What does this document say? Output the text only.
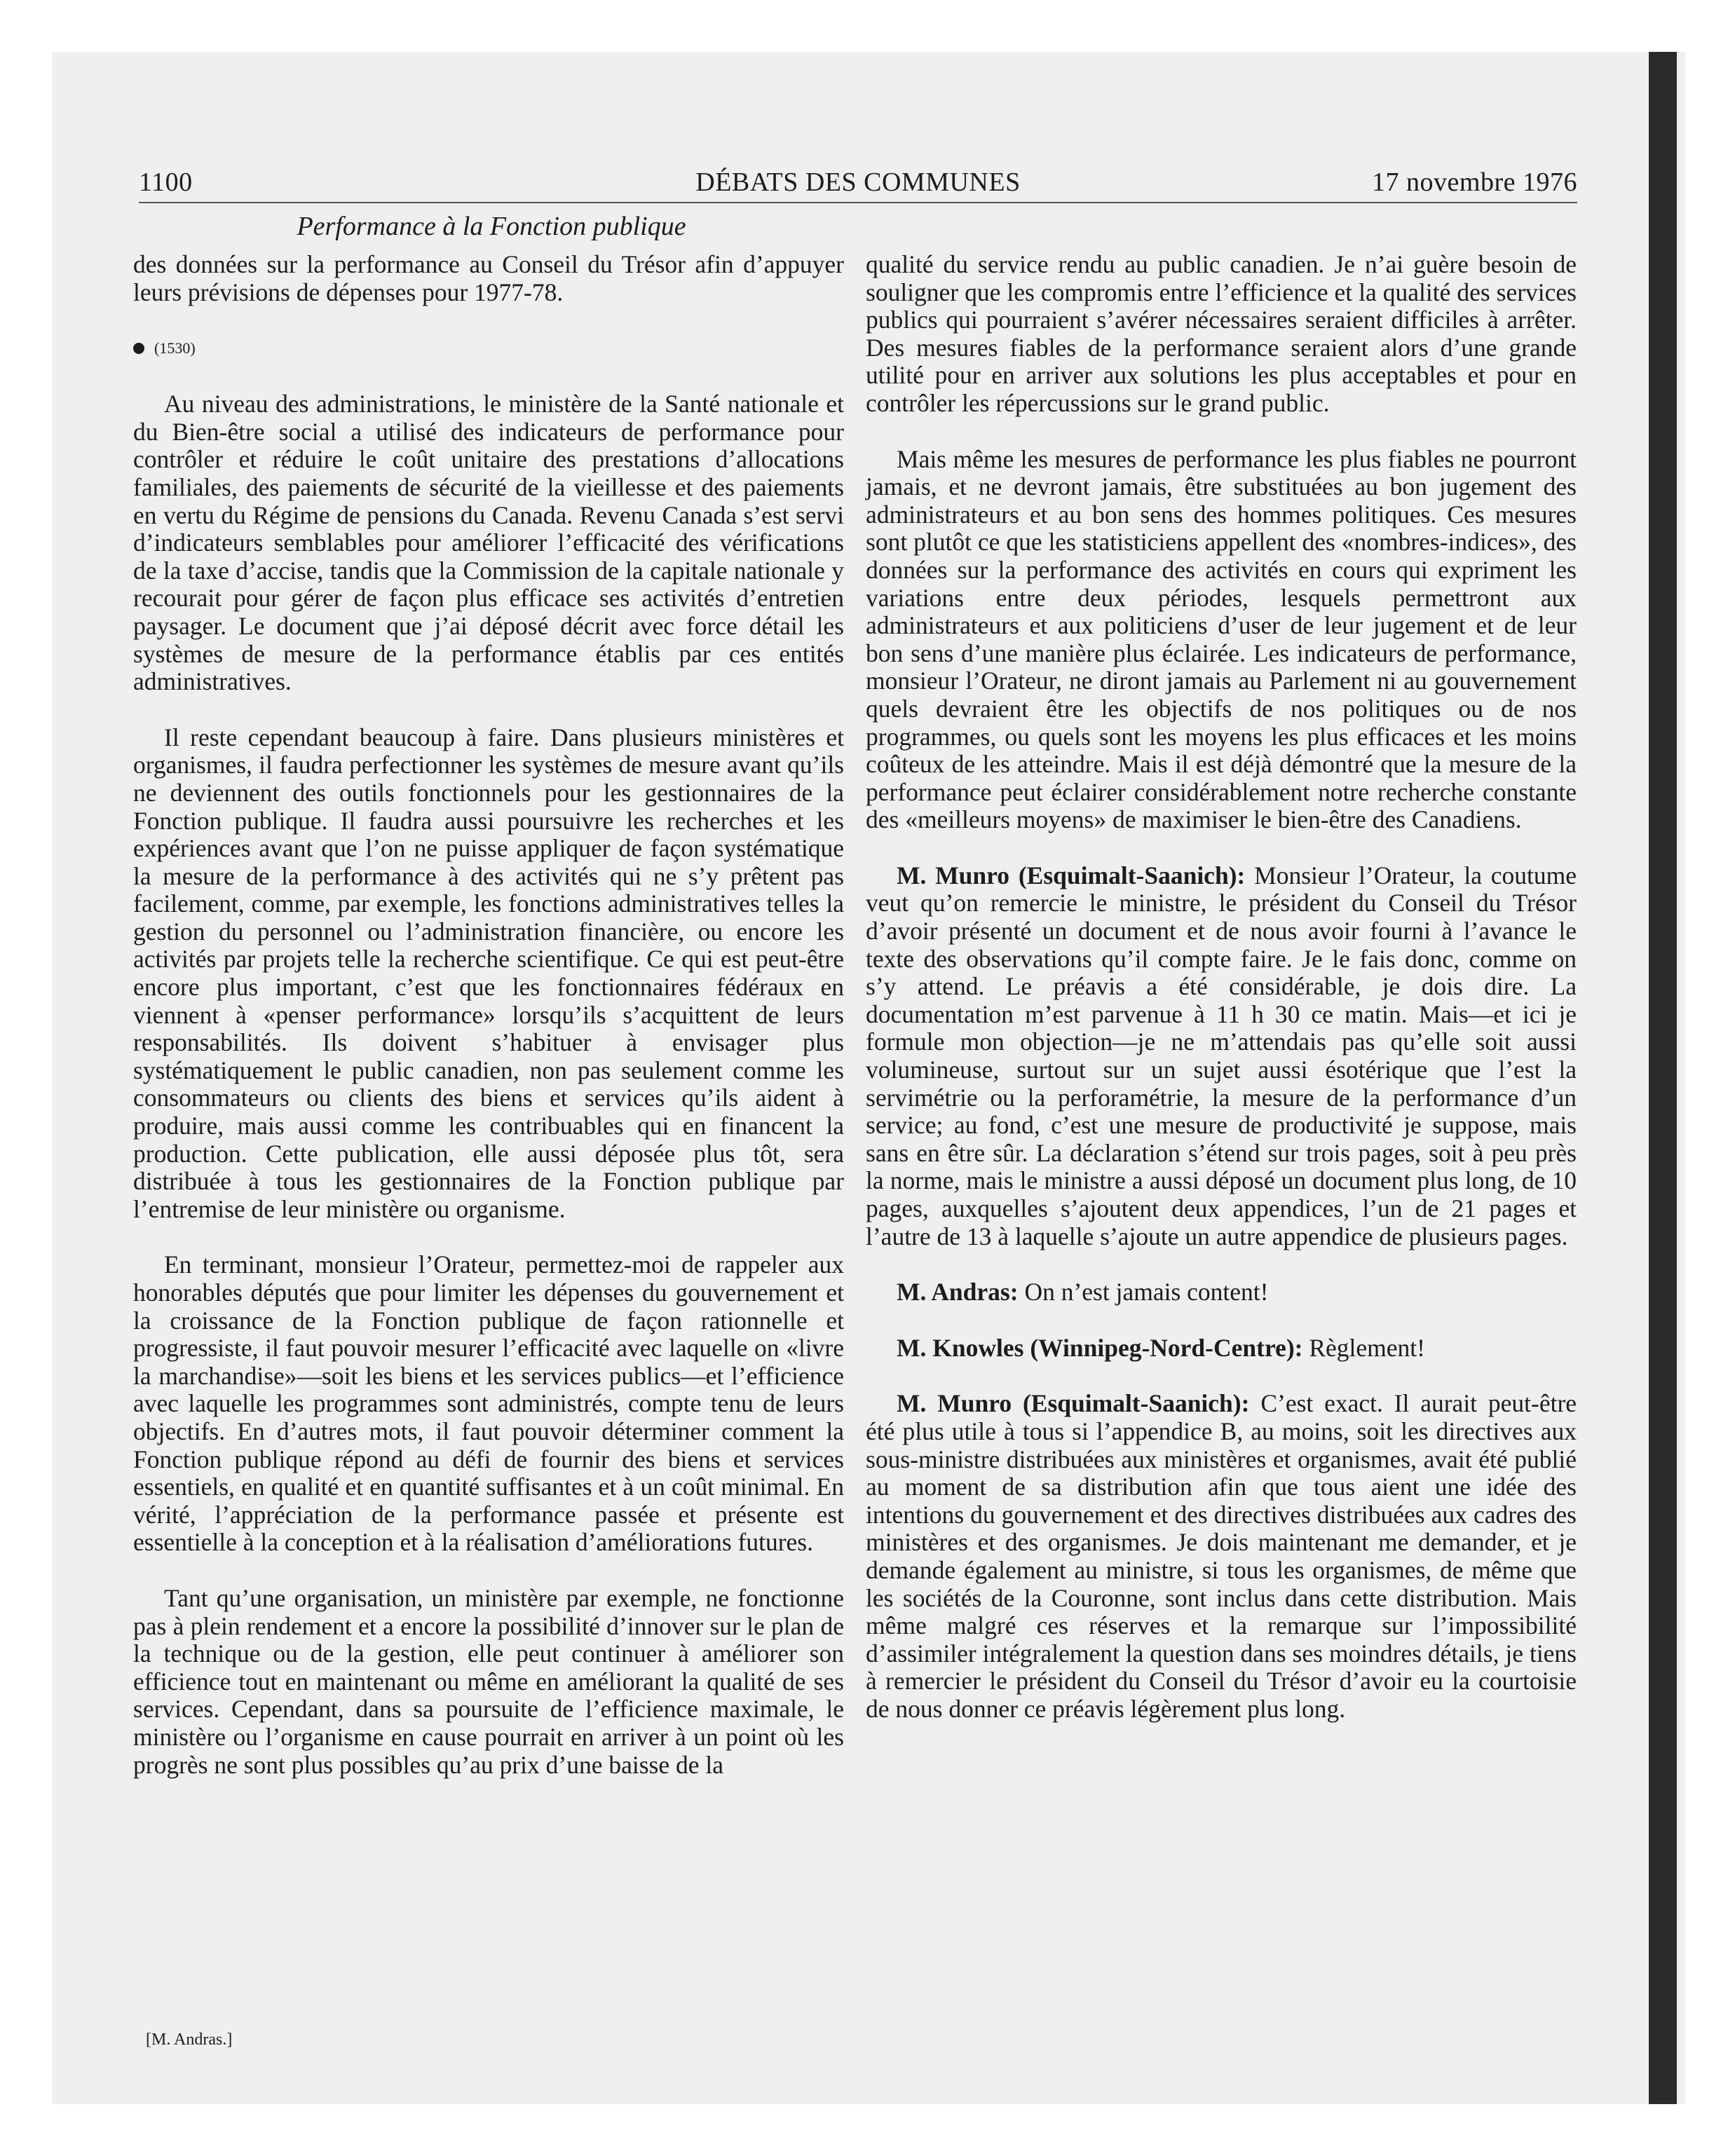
1100	DÉBATS DES COMMUNES	17 novembre 1976
Performance à la Fonction publique

des données sur la performance au Conseil du Trésor afin d’appuyer leurs prévisions de dépenses pour 1977-78.

(1530)

Au niveau des administrations, le ministère de la Santé nationale et du Bien-être social a utilisé des indicateurs de performance pour contrôler et réduire le coût unitaire des prestations d’allocations familiales, des paiements de sécurité de la vieillesse et des paiements en vertu du Régime de pensions du Canada. Revenu Canada s’est servi d’indicateurs semblables pour améliorer l’efficacité des vérifications de la taxe d’accise, tandis que la Commission de la capitale nationale y recourait pour gérer de façon plus efficace ses activités d’entretien paysager. Le document que j’ai déposé décrit avec force détail les systèmes de mesure de la performance établis par ces entités administratives.

Il reste cependant beaucoup à faire. Dans plusieurs ministères et organismes, il faudra perfectionner les systèmes de mesure avant qu’ils ne deviennent des outils fonctionnels pour les gestionnaires de la Fonction publique. Il faudra aussi poursuivre les recherches et les expériences avant que l’on ne puisse appliquer de façon systématique la mesure de la performance à des activités qui ne s’y prêtent pas facilement, comme, par exemple, les fonctions administratives telles la gestion du personnel ou l’administration financière, ou encore les activités par projets telle la recherche scientifique. Ce qui est peut-être encore plus important, c’est que les fonctionnaires fédéraux en viennent à «penser performance» lorsqu’ils s’acquittent de leurs responsabilités. Ils doivent s’habituer à envisager plus systématiquement le public canadien, non pas seulement comme les consommateurs ou clients des biens et services qu’ils aident à produire, mais aussi comme les contribuables qui en financent la production. Cette publication, elle aussi déposée plus tôt, sera distribuée à tous les gestionnaires de la Fonction publique par l’entremise de leur ministère ou organisme.

En terminant, monsieur l’Orateur, permettez-moi de rappeler aux honorables députés que pour limiter les dépenses du gouvernement et la croissance de la Fonction publique de façon rationnelle et progressiste, il faut pouvoir mesurer l’efficacité avec laquelle on «livre la marchandise»—soit les biens et les services publics—et l’efficience avec laquelle les programmes sont administrés, compte tenu de leurs objectifs. En d’autres mots, il faut pouvoir déterminer comment la Fonction publique répond au défi de fournir des biens et services essentiels, en qualité et en quantité suffisantes et à un coût minimal. En vérité, l’appréciation de la performance passée et présente est essentielle à la conception et à la réalisation d’améliorations futures.

Tant qu’une organisation, un ministère par exemple, ne fonctionne pas à plein rendement et a encore la possibilité d’innover sur le plan de la technique ou de la gestion, elle peut continuer à améliorer son efficience tout en maintenant ou même en améliorant la qualité de ses services. Cependant, dans sa poursuite de l’efficience maximale, le ministère ou l’organisme en cause pourrait en arriver à un point où les progrès ne sont plus possibles qu’au prix d’une baisse de la

[M. Andras.]

qualité du service rendu au public canadien. Je n’ai guère besoin de souligner que les compromis entre l’efficience et la qualité des services publics qui pourraient s’avérer nécessaires seraient difficiles à arrêter. Des mesures fiables de la performance seraient alors d’une grande utilité pour en arriver aux solutions les plus acceptables et pour en contrôler les répercussions sur le grand public.

Mais même les mesures de performance les plus fiables ne pourront jamais, et ne devront jamais, être substituées au bon jugement des administrateurs et au bon sens des hommes politiques. Ces mesures sont plutôt ce que les statisticiens appellent des «nombres-indices», des données sur la performance des activités en cours qui expriment les variations entre deux périodes, lesquels permettront aux administrateurs et aux politiciens d’user de leur jugement et de leur bon sens d’une manière plus éclairée. Les indicateurs de performance, monsieur l’Orateur, ne diront jamais au Parlement ni au gouvernement quels devraient être les objectifs de nos politiques ou de nos programmes, ou quels sont les moyens les plus efficaces et les moins coûteux de les atteindre. Mais il est déjà démontré que la mesure de la performance peut éclairer considérablement notre recherche constante des «meilleurs moyens» de maximiser le bien-être des Canadiens.

M. Munro (Esquimalt-Saanich): Monsieur l’Orateur, la coutume veut qu’on remercie le ministre, le président du Conseil du Trésor d’avoir présenté un document et de nous avoir fourni à l’avance le texte des observations qu’il compte faire. Je le fais donc, comme on s’y attend. Le préavis a été considérable, je dois dire. La documentation m’est parvenue à 11 h 30 ce matin. Mais—et ici je formule mon objection—je ne m’attendais pas qu’elle soit aussi volumineuse, surtout sur un sujet aussi ésotérique que l’est la servimétrie ou la perforamétrie, la mesure de la performance d’un service; au fond, c’est une mesure de productivité je suppose, mais sans en être sûr. La déclaration s’étend sur trois pages, soit à peu près la norme, mais le ministre a aussi déposé un document plus long, de 10 pages, auxquelles s’ajoutent deux appendices, l’un de 21 pages et l’autre de 13 à laquelle s’ajoute un autre appendice de plusieurs pages.

M. Andras: On n’est jamais content!

M. Knowles (Winnipeg-Nord-Centre): Règlement!

M. Munro (Esquimalt-Saanich): C’est exact. Il aurait peut-être été plus utile à tous si l’appendice B, au moins, soit les directives aux sous-ministre distribuées aux ministères et organismes, avait été publié au moment de sa distribution afin que tous aient une idée des intentions du gouvernement et des directives distribuées aux cadres des ministères et des organismes. Je dois maintenant me demander, et je demande également au ministre, si tous les organismes, de même que les sociétés de la Couronne, sont inclus dans cette distribution. Mais même malgré ces réserves et la remarque sur l’impossibilité d’assimiler intégralement la question dans ses moindres détails, je tiens à remercier le président du Conseil du Trésor d’avoir eu la courtoisie de nous donner ce préavis légèrement plus long.
